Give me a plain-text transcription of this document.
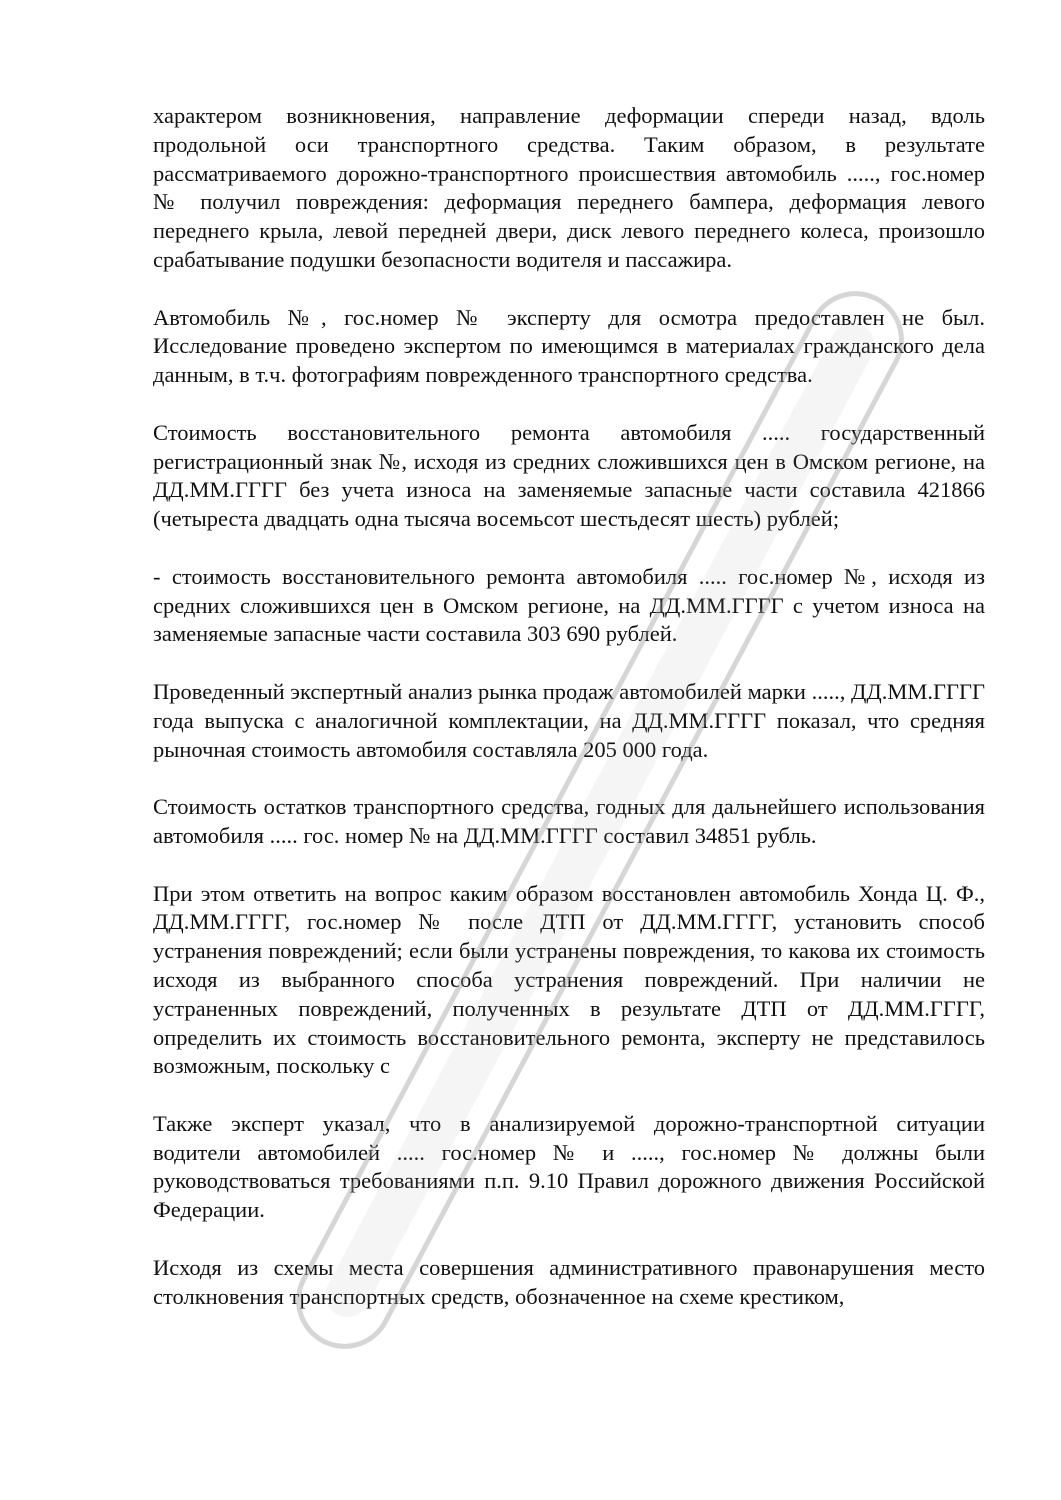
характером возникновения, направление деформации спереди назад, вдоль продольной оси транспортного средства. Таким образом, в результате рассматриваемого дорожно-транспортного происшествия автомобиль ....., гос.номер № получил повреждения: деформация переднего бампера, деформация левого переднего крыла, левой передней двери, диск левого переднего колеса, произошло срабатывание подушки безопасности водителя и пассажира.

Автомобиль №, гос.номер № эксперту для осмотра предоставлен не был. Исследование проведено экспертом по имеющимся в материалах гражданского дела данным, в т.ч. фотографиям поврежденного транспортного средства.

Стоимость восстановительного ремонта автомобиля ..... государственный регистрационный знак №, исходя из средних сложившихся цен в Омском регионе, на ДД.ММ.ГГГГ без учета износа на заменяемые запасные части составила 421866 (четыреста двадцать одна тысяча восемьсот шестьдесят шесть) рублей;

- стоимость восстановительного ремонта автомобиля ..... гос.номер №, исходя из средних сложившихся цен в Омском регионе, на ДД.ММ.ГГГГ с учетом износа на заменяемые запасные части составила 303 690 рублей.

Проведенный экспертный анализ рынка продаж автомобилей марки ....., ДД.ММ.ГГГГ года выпуска с аналогичной комплектации, на ДД.ММ.ГГГГ показал, что средняя рыночная стоимость автомобиля составляла 205 000 года.

Стоимость остатков транспортного средства, годных для дальнейшего использования автомобиля ..... гос. номер № на ДД.ММ.ГГГГ составил 34851 рубль.

При этом ответить на вопрос каким образом восстановлен автомобиль Хонда Ц. Ф., ДД.ММ.ГГГГ, гос.номер № после ДТП от ДД.ММ.ГГГГ, установить способ устранения повреждений; если были устранены повреждения, то какова их стоимость исходя из выбранного способа устранения повреждений. При наличии не устраненных повреждений, полученных в результате ДТП от ДД.ММ.ГГГГ, определить их стоимость восстановительного ремонта, эксперту не представилось возможным, поскольку с

Также эксперт указал, что в анализируемой дорожно-транспортной ситуации водители автомобилей ..... гос.номер № и ....., гос.номер № должны были руководствоваться требованиями п.п. 9.10 Правил дорожного движения Российской Федерации.

Исходя из схемы места совершения административного правонарушения место столкновения транспортных средств, обозначенное на схеме крестиком,
